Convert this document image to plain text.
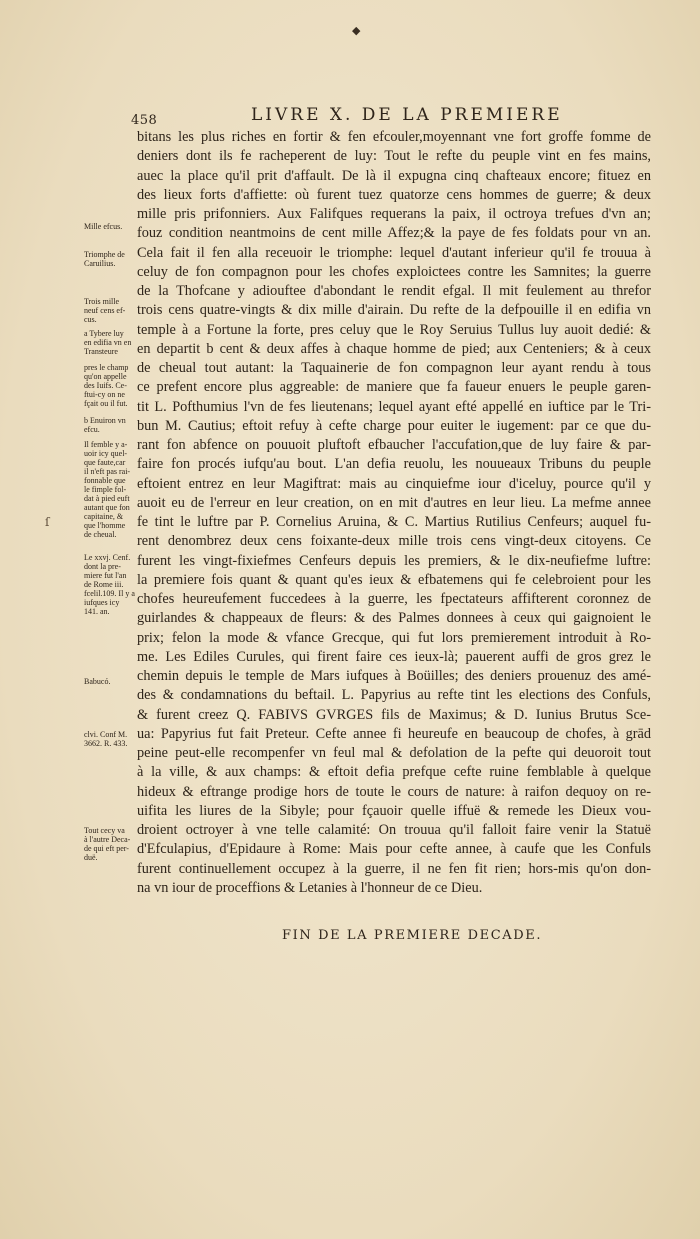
◆
458	LIVRE X. DE LA PREMIERE
Mille efcus.
Triomphe de
Caruilius.
Trois mille
neuf cens ef-
cus.
a Tybere luy
en edifia vn en
Transteure
pres le champ
qu'on appelle
des Iuifs. Ce-
ftui-cy on ne
fçait ou il fut.
b Enuiron vn
efcu.
Il femble y a-
uoir icy quel-
que faute,car
il n'eft pas rai-
fonnable que
le fimple fol-
dat à pied euft
autant que fon
capitaine, &
que l'homme
de cheual.
Le xxvj. Cenf.
dont la pre-
miere fut l'an
de Rome iii.
fcelil.109. Il y a
iufques icy
141. an.
Babucó.
clvi. Conf M.
3662. R. 433.
Tout cecy va
à l'autre Deca-
de qui eft per-
duë.
bitans les plus riches en fortir & fen efcouler,moyennant vne fort groffe fomme de
deniers dont ils fe racheperent de luy: Tout le refte du peuple vint en fes mains,
auec la place qu'il prit d'affault. De là il expugna cinq chafteaux encore; fituez en
des lieux forts d'affiette: où furent tuez quatorze cens hommes de guerre; & deux
mille pris prifonniers. Aux Falifques requerans la paix, il octroya trefues d'vn an;
fouz condition neantmoins de cent mille Affez;& la paye de fes foldats pour vn an.
Cela fait il fen alla receuoir le triomphe: lequel d'autant inferieur qu'il fe trouua à
celuy de fon compagnon pour les chofes exploictees contre les Samnites; la guerre
de la Thofcane y adiouftee d'abondant le rendit efgal. Il mit feulement au threfor
trois cens quatre-vingts & dix mille d'airain. Du refte de la defpouille il en edifia vn
temple à a Fortune la forte, pres celuy que le Roy Seruius Tullus luy auoit dedié: &
en departit b cent & deux affes à chaque homme de pied; aux Centeniers; & à ceux
de cheual tout autant: la Taquainerie de fon compagnon leur ayant rendu à tous
ce prefent encore plus aggreable: de maniere que fa faueur enuers le peuple garen-
tit L. Pofthumius l'vn de fes lieutenans; lequel ayant efté appellé en iuftice par le Tri-
bun M. Cautius; eftoit refuy à cefte charge pour euiter le iugement: par ce que du-
rant fon abfence on pouuoit pluftoft efbaucher l'accufation,que de luy faire & par-
faire fon procés iufqu'au bout. L'an defia reuolu, les nouueaux Tribuns du peuple
eftoient entrez en leur Magiftrat: mais au cinquiefme iour d'iceluy, pource qu'il y
auoit eu de l'erreur en leur creation, on en mit d'autres en leur lieu. La mefme annee
fe tint le luftre par P. Cornelius Aruina, & C. Martius Rutilius Cenfeurs; auquel fu-
rent denombrez deux cens foixante-deux mille trois cens vingt-deux citoyens. Ce
furent les vingt-fixiefmes Cenfeurs depuis les premiers, & le dix-neufiefme luftre:
la premiere fois quant & quant qu'es ieux & efbatemens qui fe celebroient pour les
chofes heureufement fuccedees à la guerre, les fpectateurs affifterent coronnez de
guirlandes & chappeaux de fleurs: & des Palmes donnees à ceux qui gaignoient le
prix; felon la mode & vfance Grecque, qui fut lors premierement introduit à Ro-
me. Les Ediles Curules, qui firent faire ces ieux-là; pauerent auffi de gros grez le
chemin depuis le temple de Mars iufques à Boüilles; des deniers prouenuz des amé-
des & condamnations du beftail. L. Papyrius au refte tint les elections des Confuls,
& furent creez Q. FABIVS GVRGES fils de Maximus; & D. Iunius Brutus Sce-
ua: Papyrius fut fait Preteur. Cefte annee fi heureufe en beaucoup de chofes, à grād
peine peut-elle recompenfer vn feul mal & defolation de la pefte qui deuoroit tout
à la ville, & aux champs: & eftoit defia prefque cefte ruine femblable à quelque
hideux & eftrange prodige hors de toute le cours de nature: à raifon dequoy on re-
uifita les liures de la Sibyle; pour fçauoir quelle iffuë & remede les Dieux vou-
droient octroyer à vne telle calamité: On trouua qu'il falloit faire venir la Statuë
d'Efculapius, d'Epidaure à Rome: Mais pour cefte annee, à caufe que les Confuls
furent continuellement occupez à la guerre, il ne fen fit rien; hors-mis qu'on don-
na vn iour de proceffions & Letanies à l'honneur de ce Dieu.
FIN DE LA PREMIERE DECADE.
ſ
